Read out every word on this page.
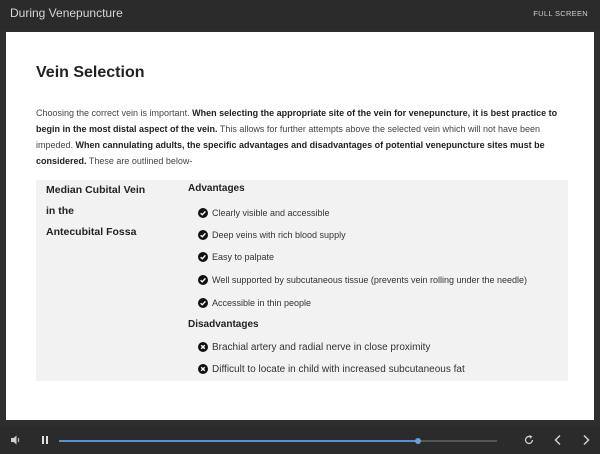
During Venepuncture	FULL SCREEN
Vein Selection
Choosing the correct vein is important. When selecting the appropriate site of the vein for venepuncture, it is best practice to begin in the most distal aspect of the vein. This allows for further attempts above the selected vein which will not have been impeded. When cannulating adults, the specific advantages and disadvantages of potential venepuncture sites must be considered. These are outlined below-
Median Cubital Vein
in the
Antecubital Fossa
Advantages
Clearly visible and accessible
Deep veins with rich blood supply
Easy to palpate
Well supported by subcutaneous tissue (prevents vein rolling under the needle)
Accessible in thin people
Disadvantages
Brachial artery and radial nerve in close proximity
Difficult to locate in child with increased subcutaneous fat
